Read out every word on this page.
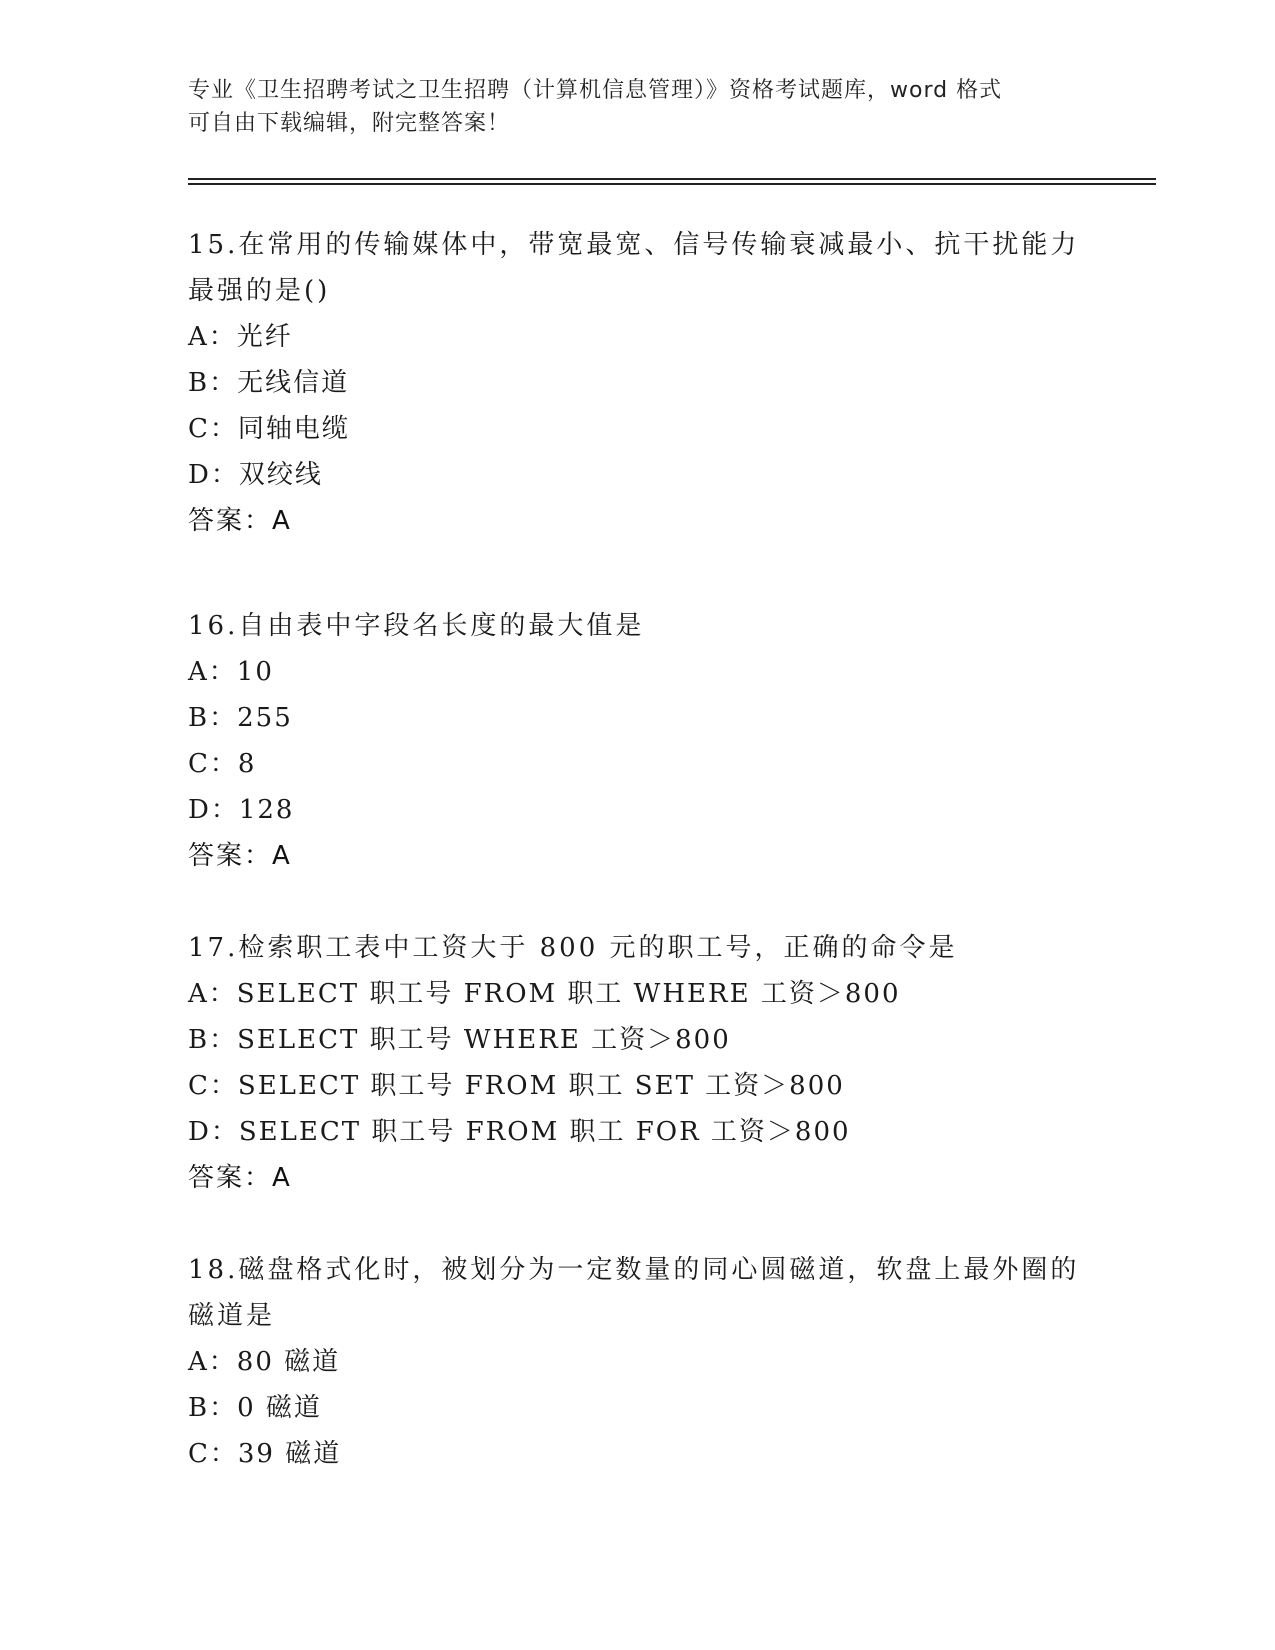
专业《卫生招聘考试之卫生招聘（计算机信息管理）》资格考试题库，word 格式
可自由下载编辑，附完整答案！
15.在常用的传输媒体中，带宽最宽、信号传输衰减最小、抗干扰能力
最强的是()
A：光纤
B：无线信道
C：同轴电缆
D：双绞线
答案：A
16.自由表中字段名长度的最大值是
A：10
B：255
C：8
D：128
答案：A
17.检索职工表中工资大于 800 元的职工号，正确的命令是
A：SELECT 职工号 FROM 职工 WHERE 工资＞800
B：SELECT 职工号 WHERE 工资＞800
C：SELECT 职工号 FROM 职工 SET 工资＞800
D：SELECT 职工号 FROM 职工 FOR 工资＞800
答案：A
18.磁盘格式化时，被划分为一定数量的同心圆磁道，软盘上最外圈的
磁道是
A：80 磁道
B：0 磁道
C：39 磁道
